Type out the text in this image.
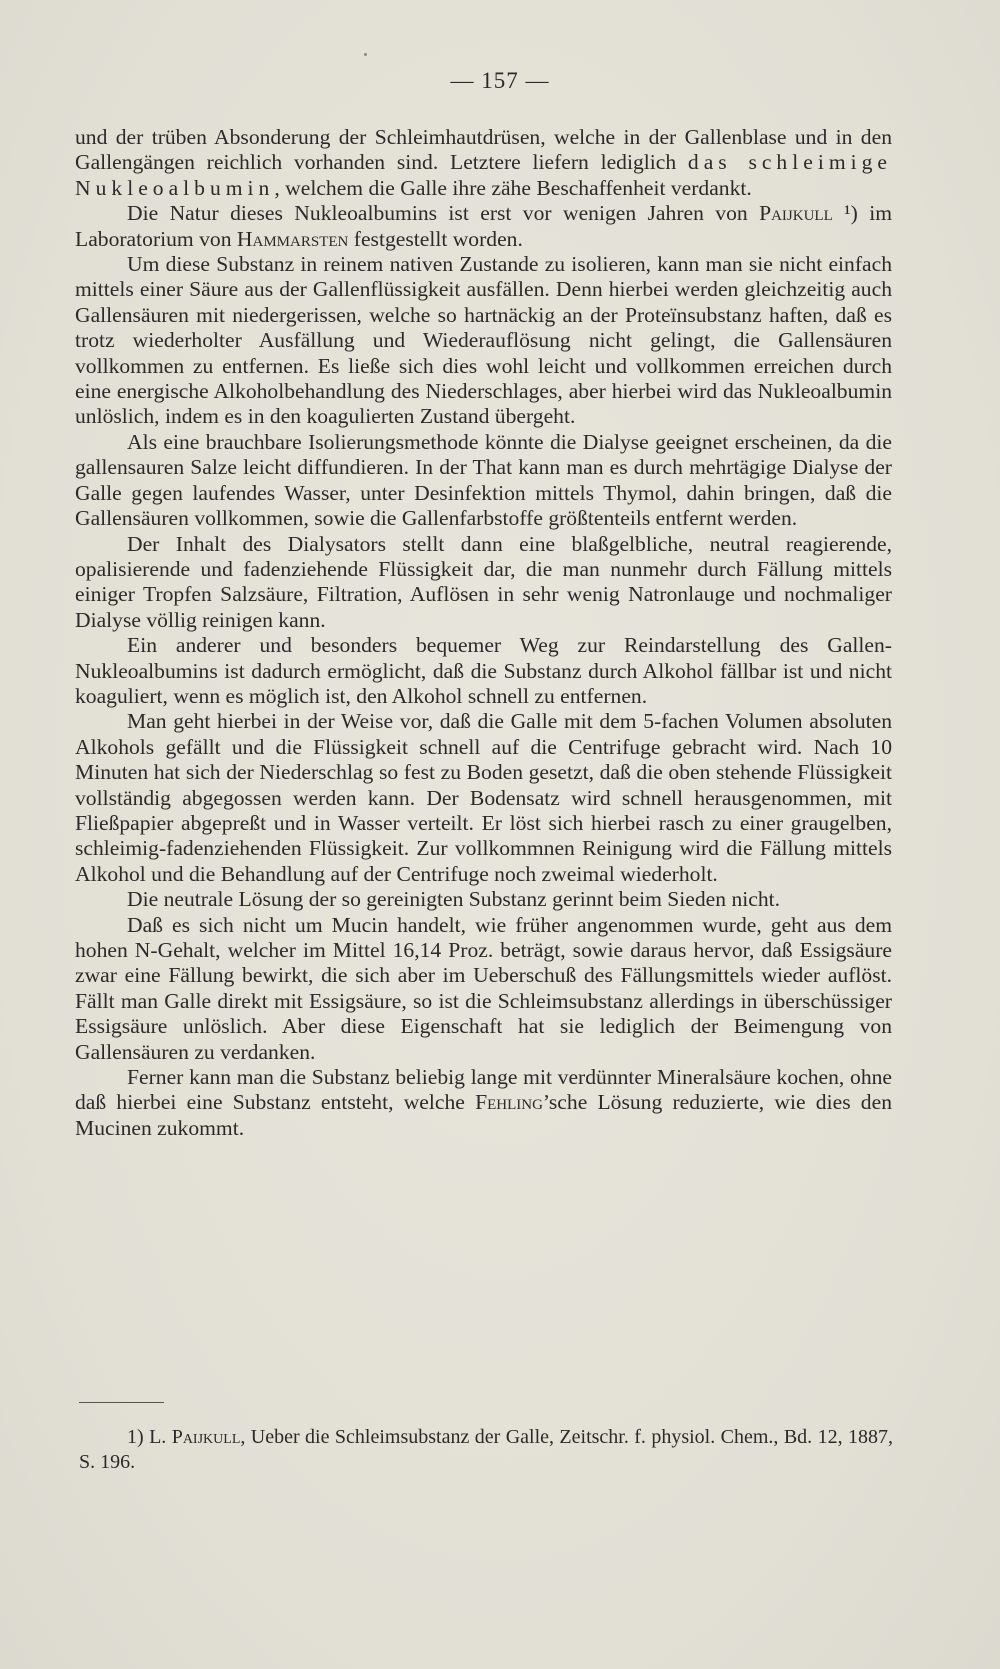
— 157 —

und der trüben Absonderung der Schleimhautdrüsen, welche in der Gallenblase und in den Gallengängen reichlich vorhanden sind. Letztere liefern lediglich das schleimige Nukleoalbumin, welchem die Galle ihre zähe Beschaffenheit verdankt.

Die Natur dieses Nukleoalbumins ist erst vor wenigen Jahren von Paijkull ¹) im Laboratorium von Hammarsten festgestellt worden.

Um diese Substanz in reinem nativen Zustande zu isolieren, kann man sie nicht einfach mittels einer Säure aus der Gallenflüssigkeit ausfällen. Denn hierbei werden gleichzeitig auch Gallensäuren mit niedergerissen, welche so hartnäckig an der Proteïnsubstanz haften, daß es trotz wiederholter Ausfällung und Wiederauflösung nicht gelingt, die Gallensäuren vollkommen zu entfernen. Es ließe sich dies wohl leicht und vollkommen erreichen durch eine energische Alkoholbehandlung des Niederschlages, aber hierbei wird das Nukleoalbumin unlöslich, indem es in den koagulierten Zustand übergeht.

Als eine brauchbare Isolierungsmethode könnte die Dialyse geeignet erscheinen, da die gallensauren Salze leicht diffundieren. In der That kann man es durch mehrtägige Dialyse der Galle gegen laufendes Wasser, unter Desinfektion mittels Thymol, dahin bringen, daß die Gallensäuren vollkommen, sowie die Gallenfarbstoffe größtenteils entfernt werden.

Der Inhalt des Dialysators stellt dann eine blaßgelbliche, neutral reagierende, opalisierende und fadenziehende Flüssigkeit dar, die man nunmehr durch Fällung mittels einiger Tropfen Salzsäure, Filtration, Auflösen in sehr wenig Natronlauge und nochmaliger Dialyse völlig reinigen kann.

Ein anderer und besonders bequemer Weg zur Reindarstellung des Gallen-Nukleoalbumins ist dadurch ermöglicht, daß die Substanz durch Alkohol fällbar ist und nicht koaguliert, wenn es möglich ist, den Alkohol schnell zu entfernen.

Man geht hierbei in der Weise vor, daß die Galle mit dem 5-fachen Volumen absoluten Alkohols gefällt und die Flüssigkeit schnell auf die Centrifuge gebracht wird. Nach 10 Minuten hat sich der Niederschlag so fest zu Boden gesetzt, daß die oben stehende Flüssigkeit vollständig abgegossen werden kann. Der Bodensatz wird schnell herausgenommen, mit Fließpapier abgepreßt und in Wasser verteilt. Er löst sich hierbei rasch zu einer graugelben, schleimig-fadenziehenden Flüssigkeit. Zur vollkommnen Reinigung wird die Fällung mittels Alkohol und die Behandlung auf der Centrifuge noch zweimal wiederholt.

Die neutrale Lösung der so gereinigten Substanz gerinnt beim Sieden nicht.

Daß es sich nicht um Mucin handelt, wie früher angenommen wurde, geht aus dem hohen N-Gehalt, welcher im Mittel 16,14 Proz. beträgt, sowie daraus hervor, daß Essigsäure zwar eine Fällung bewirkt, die sich aber im Ueberschuß des Fällungsmittels wieder auflöst. Fällt man Galle direkt mit Essigsäure, so ist die Schleimsubstanz allerdings in überschüssiger Essigsäure unlöslich. Aber diese Eigenschaft hat sie lediglich der Beimengung von Gallensäuren zu verdanken.

Ferner kann man die Substanz beliebig lange mit verdünnter Mineralsäure kochen, ohne daß hierbei eine Substanz entsteht, welche Fehling’sche Lösung reduzierte, wie dies den Mucinen zukommt.

1) L. Paijkull, Ueber die Schleimsubstanz der Galle, Zeitschr. f. physiol. Chem., Bd. 12, 1887, S. 196.
